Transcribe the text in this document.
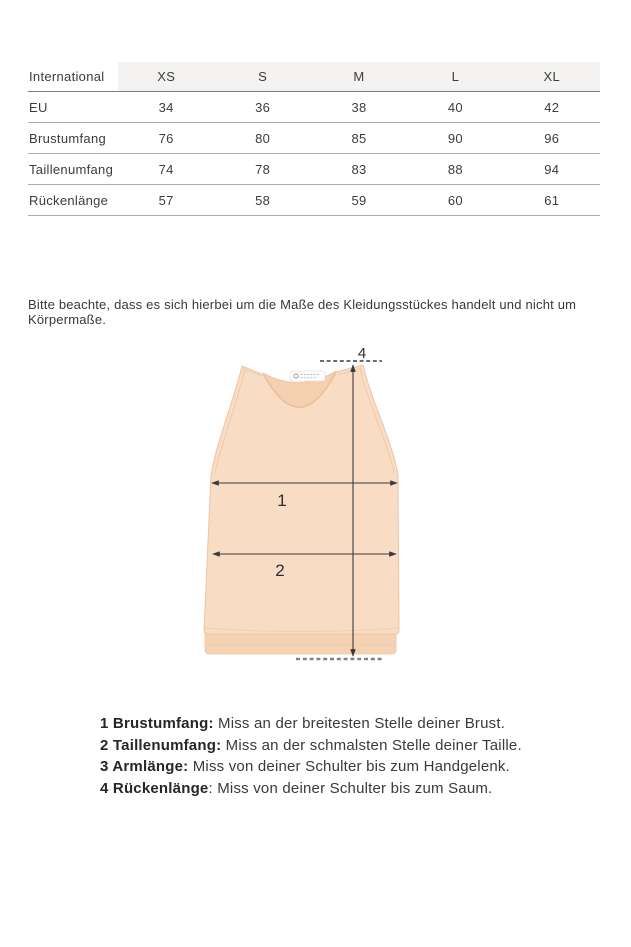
International	XS	S	M	L	XL
EU	34	36	38	40	42
Brustumfang	76	80	85	90	96
Taillenumfang	74	78	83	88	94
Rückenlänge	57	58	59	60	61
Bitte beachte, dass es sich hierbei um die Maße des Kleidungsstückes handelt und nicht um Körpermaße.
4
1
2
1 Brustumfang: Miss an der breitesten Stelle deiner Brust.
2 Taillenumfang: Miss an der schmalsten Stelle deiner Taille.
3 Armlänge: Miss von deiner Schulter bis zum Handgelenk.
4 Rückenlänge: Miss von deiner Schulter bis zum Saum.
